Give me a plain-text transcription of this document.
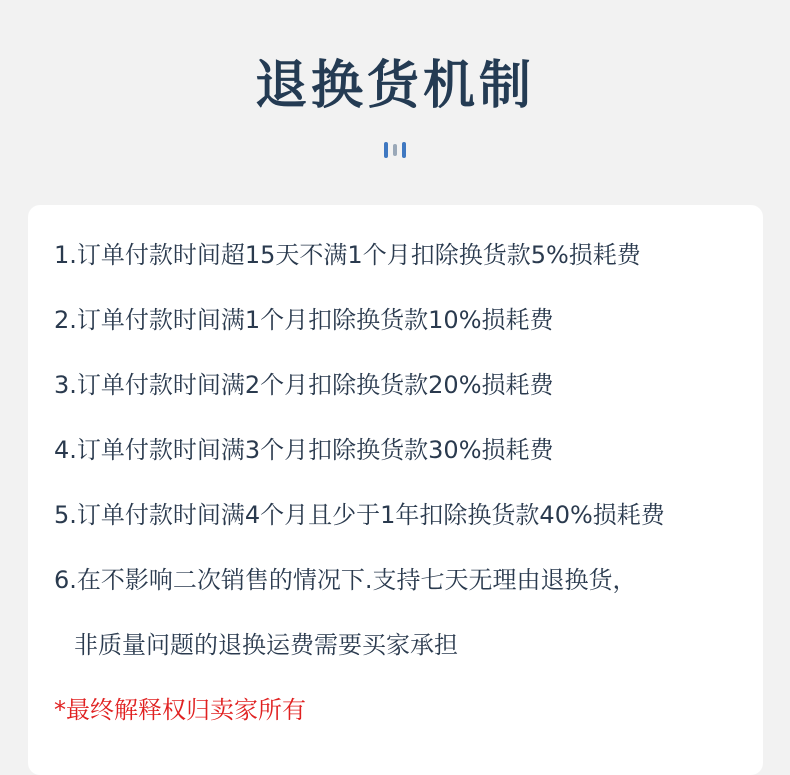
退换货机制
1.订单付款时间超15天不满1个月扣除换货款5%损耗费
2.订单付款时间满1个月扣除换货款10%损耗费
3.订单付款时间满2个月扣除换货款20%损耗费
4.订单付款时间满3个月扣除换货款30%损耗费
5.订单付款时间满4个月且少于1年扣除换货款40%损耗费
6.在不影响二次销售的情况下.支持七天无理由退换货，
非质量问题的退换运费需要买家承担
*最终解释权归卖家所有
